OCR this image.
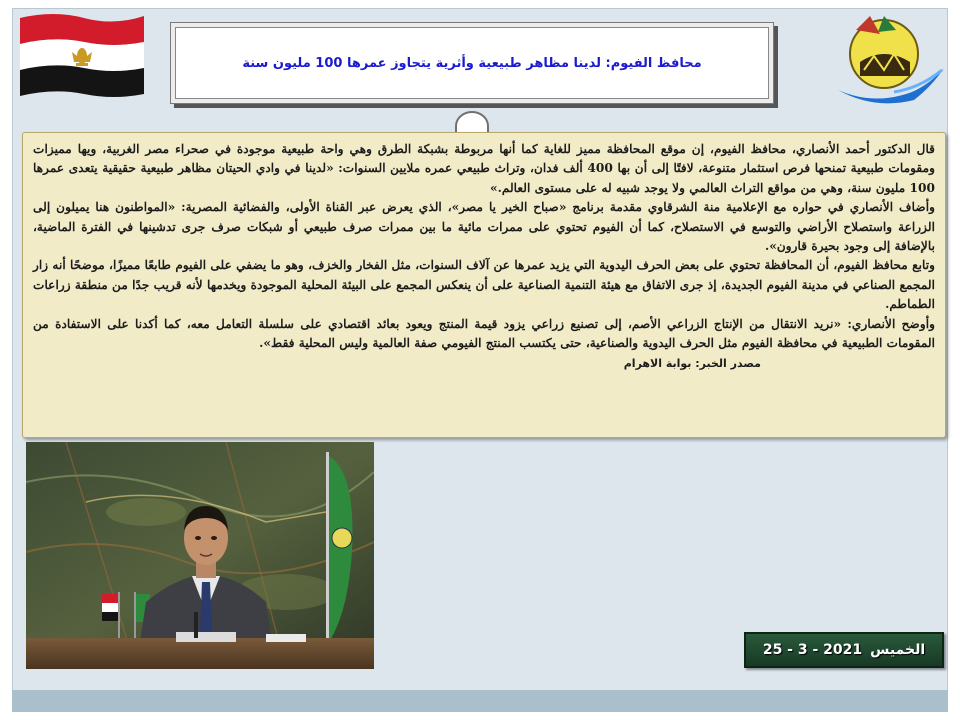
محافظ الفيوم: لدينا مظاهر طبيعية وأثرية يتجاوز عمرها 100 مليون سنة

قال الدكتور أحمد الأنصاري، محافظ الفيوم، إن موقع المحافظة مميز للغاية كما أنها مربوطة بشبكة الطرق وهي واحة طبيعية موجودة في صحراء مصر الغربية، ويها مميزات ومقومات طبيعية تمنحها فرص استثمار متنوعة، لافتًا إلى أن بها 400 ألف فدان، وتراث طبيعي عمره ملايين السنوات: «لدينا في وادي الحيتان مظاهر طبيعية حقيقية يتعدى عمرها 100 مليون سنة، وهي من مواقع التراث العالمي ولا يوجد شبيه له على مستوى العالم.»

وأضاف الأنصاري في حواره مع الإعلامية منة الشرقاوي مقدمة برنامج «صباح الخير يا مصر»، الذي يعرض عبر القناة الأولى، والفضائية المصرية: «المواطنون هنا يميلون إلى الزراعة واستصلاح الأراضي والتوسع في الاستصلاح، كما أن الفيوم تحتوي على ممرات مائية ما بين ممرات صرف طبيعي أو شبكات صرف جرى تدشينها في الفترة الماضية، بالإضافة إلى وجود بحيرة قارون».

وتابع محافظ الفيوم، أن المحافظة تحتوي على بعض الحرف اليدوية التي يزيد عمرها عن آلاف السنوات، مثل الفخار والخزف، وهو ما يضفي على الفيوم طابعًا مميزًا، موضحًا أنه زار المجمع الصناعي في مدينة الفيوم الجديدة، إذ جرى الاتفاق مع هيئة التنمية الصناعية على أن ينعكس المجمع على البيئة المحلية الموجودة ويخدمها لأنه قريب جدًا من منطقة زراعات الطماطم.

وأوضح الأنصاري: «نريد الانتقال من الإنتاج الزراعي الأصم، إلى تصنيع زراعي يزود قيمة المنتج ويعود بعائد اقتصادي على سلسلة التعامل معه، كما أكدنا على الاستفادة من المقومات الطبيعية في محافظة الفيوم مثل الحرف اليدوية والصناعية، حتى يكتسب المنتج الفيومي صفة العالمية وليس المحلية فقط».

مصدر الخبر: بوابة الاهرام

الخميس
25 - 3 - 2021
